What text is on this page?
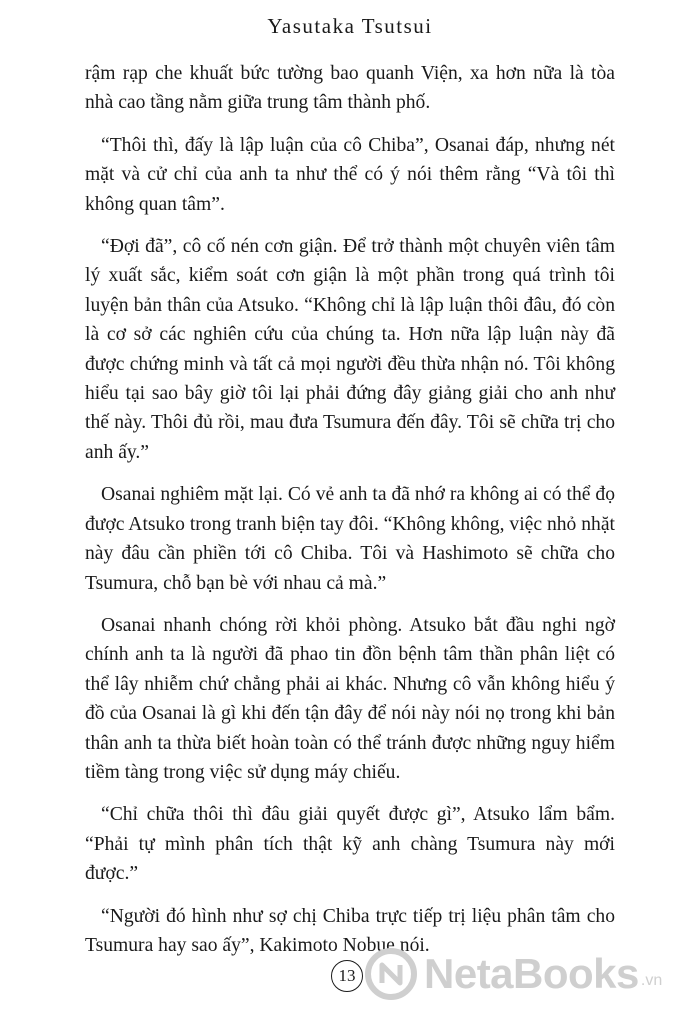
Yasutaka Tsutsui

rậm rạp che khuất bức tường bao quanh Viện, xa hơn nữa là tòa nhà cao tầng nằm giữa trung tâm thành phố.

“Thôi thì, đấy là lập luận của cô Chiba”, Osanai đáp, nhưng nét mặt và cử chỉ của anh ta như thể có ý nói thêm rằng “Và tôi thì không quan tâm”.

“Đợi đã”, cô cố nén cơn giận. Để trở thành một chuyên viên tâm lý xuất sắc, kiểm soát cơn giận là một phần trong quá trình tôi luyện bản thân của Atsuko. “Không chỉ là lập luận thôi đâu, đó còn là cơ sở các nghiên cứu của chúng ta. Hơn nữa lập luận này đã được chứng minh và tất cả mọi người đều thừa nhận nó. Tôi không hiểu tại sao bây giờ tôi lại phải đứng đây giảng giải cho anh như thế này. Thôi đủ rồi, mau đưa Tsumura đến đây. Tôi sẽ chữa trị cho anh ấy.”

Osanai nghiêm mặt lại. Có vẻ anh ta đã nhớ ra không ai có thể đọ được Atsuko trong tranh biện tay đôi. “Không không, việc nhỏ nhặt này đâu cần phiền tới cô Chiba. Tôi và Hashimoto sẽ chữa cho Tsumura, chỗ bạn bè với nhau cả mà.”

Osanai nhanh chóng rời khỏi phòng. Atsuko bắt đầu nghi ngờ chính anh ta là người đã phao tin đồn bệnh tâm thần phân liệt có thể lây nhiễm chứ chẳng phải ai khác. Nhưng cô vẫn không hiểu ý đồ của Osanai là gì khi đến tận đây để nói này nói nọ trong khi bản thân anh ta thừa biết hoàn toàn có thể tránh được những nguy hiểm tiềm tàng trong việc sử dụng máy chiếu.

“Chỉ chữa thôi thì đâu giải quyết được gì”, Atsuko lẩm bẩm. “Phải tự mình phân tích thật kỹ anh chàng Tsumura này mới được.”

“Người đó hình như sợ chị Chiba trực tiếp trị liệu phân tâm cho Tsumura hay sao ấy”, Kakimoto Nobue nói.

13 NetaBooks .vn
